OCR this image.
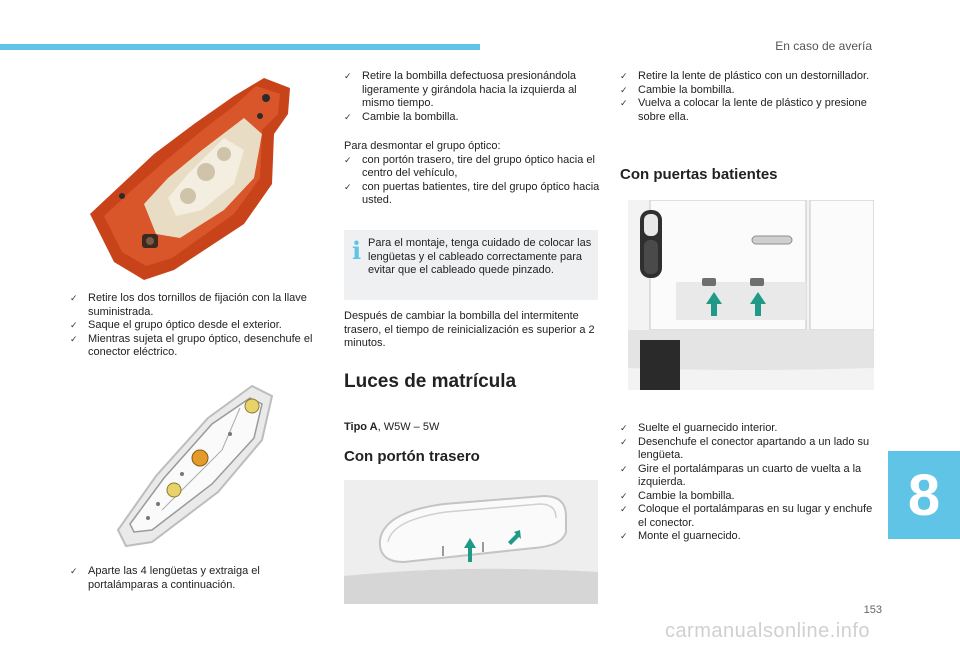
En caso de avería
✓ Retire los dos tornillos de fijación con la llave suministrada.
✓ Saque el grupo óptico desde el exterior.
✓ Mientras sujeta el grupo óptico, desenchufe el conector eléctrico.
✓ Aparte las 4 lengüetas y extraiga el portalámparas a continuación.
✓ Retire la bombilla defectuosa presionándola ligeramente y girándola hacia la izquierda al mismo tiempo.
✓ Cambie la bombilla.

Para desmontar el grupo óptico:

✓ con portón trasero, tire del grupo óptico hacia el centro del vehículo,
✓ con puertas batientes, tire del grupo óptico hacia usted.
i Para el montaje, tenga cuidado de colocar las lengüetas y el cableado correctamente para evitar que el cableado quede pinzado.

Después de cambiar la bombilla del intermitente trasero, el tiempo de reinicialización es superior a 2 minutos.

Luces de matrícula
Tipo A, W5W – 5W
Con portón trasero
✓ Retire la lente de plástico con un destornillador.
✓ Cambie la bombilla.
✓ Vuelva a colocar la lente de plástico y presione sobre ella.
Con puertas batientes
✓ Suelte el guarnecido interior.
✓ Desenchufe el conector apartando a un lado su lengüeta.
✓ Gire el portalámparas un cuarto de vuelta a la izquierda.
✓ Cambie la bombilla.
✓ Coloque el portalámparas en su lugar y enchufe el conector.
✓ Monte el guarnecido.
8
153
carmanualsonline.info
